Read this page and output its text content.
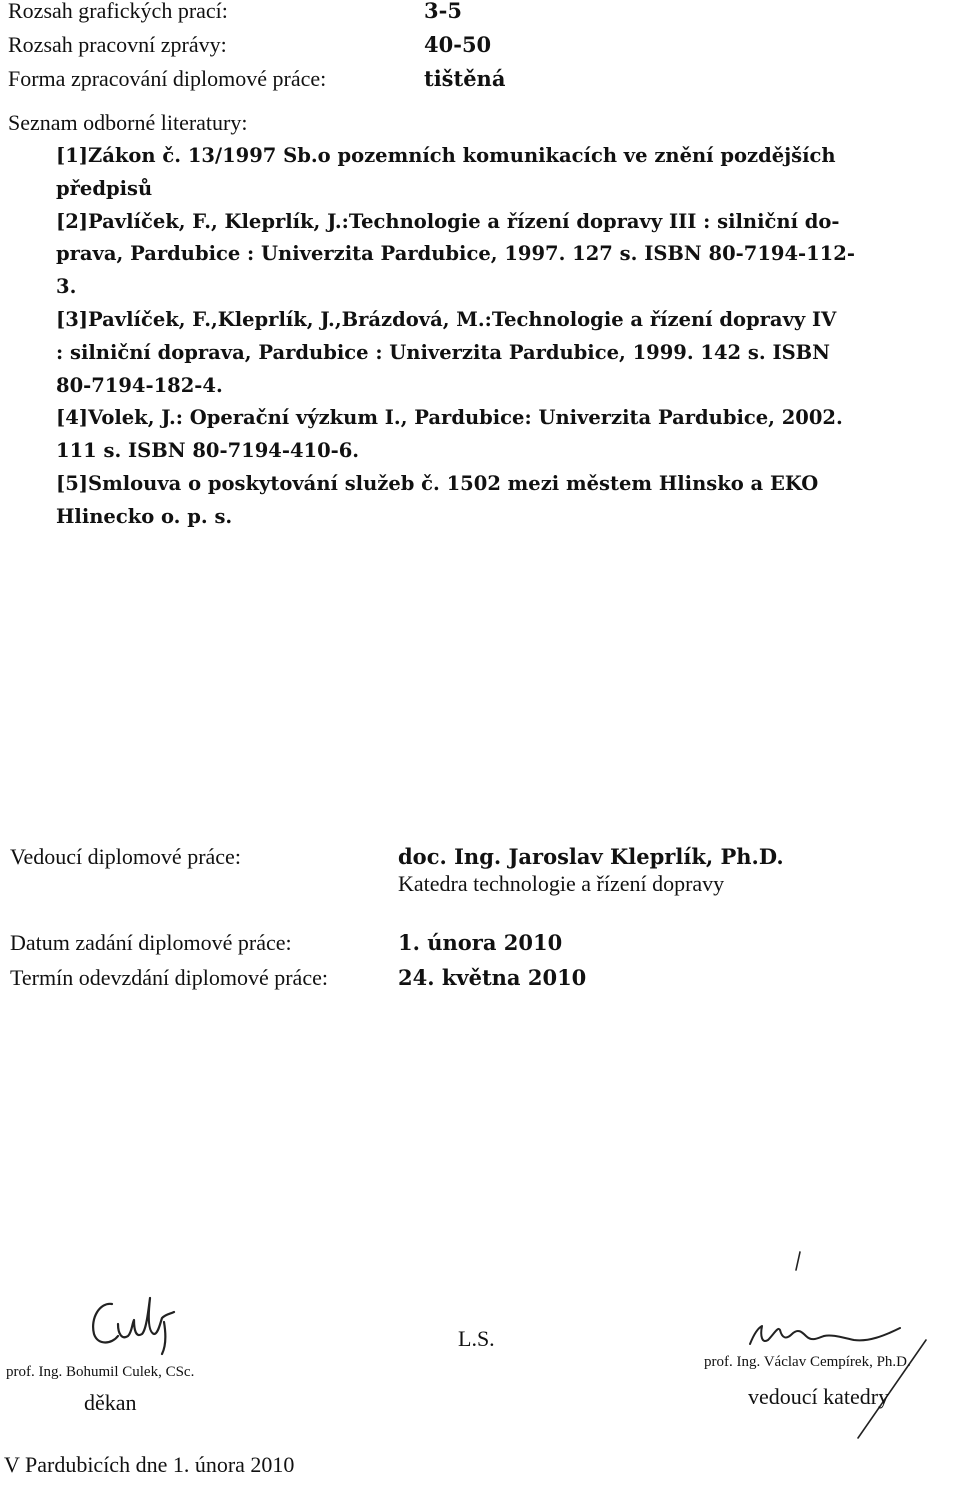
Rozsah grafických prací:	3-5
Rozsah pracovní zprávy:	40-50
Forma zpracování diplomové práce:	tištěná
Seznam odborné literatury:
[1]Zákon č. 13/1997 Sb.o pozemních komunikacích ve znění pozdějších
předpisů
[2]Pavlíček, F., Kleprlík, J.:Technologie a řízení dopravy III : silniční do-
prava, Pardubice : Univerzita Pardubice, 1997. 127 s. ISBN 80-7194-112-
3.
[3]Pavlíček, F.,Kleprlík, J.,Brázdová, M.:Technologie a řízení dopravy IV
: silniční doprava, Pardubice : Univerzita Pardubice, 1999. 142 s. ISBN
80-7194-182-4.
[4]Volek, J.: Operační výzkum I., Pardubice: Univerzita Pardubice, 2002.
111 s. ISBN 80-7194-410-6.
[5]Smlouva o poskytování služeb č. 1502 mezi městem Hlinsko a EKO
Hlinecko o. p. s.
Vedoucí diplomové práce:	doc. Ing. Jaroslav Kleprlík, Ph.D.
Katedra technologie a řízení dopravy
Datum zadání diplomové práce:	1. února 2010
Termín odevzdání diplomové práce:	24. května 2010
prof. Ing. Bohumil Culek, CSc.
děkan
L.S.
prof. Ing. Václav Cempírek, Ph.D.
vedoucí katedry
V Pardubicích dne 1. února 2010
